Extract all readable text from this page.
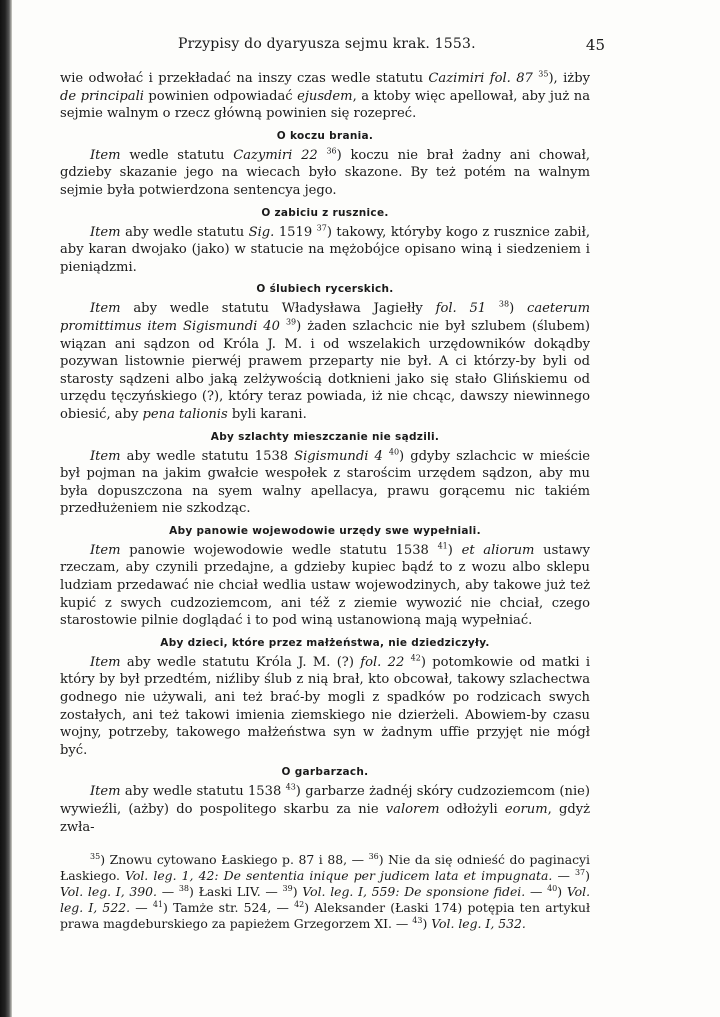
Przypisy do dyaryusza sejmu krak. 1553.	45

wie odwołać i przekładać na inszy czas wedle statutu Cazimiri fol. 87 $^{35}$), iżby de principali powinien odpowiadać ejusdem, a ktoby więc apellował, aby już na sejmie walnym o rzecz główną powinien się rozepreć.

O koczu brania.

Item wedle statutu Cazymiri 22 $^{36}$) koczu nie brał żadny ani chował, gdzieby skazanie jego na wiecach było skazone. By też potém na walnym sejmie była potwierdzona sentencya jego.

O zabiciu z rusznice.

Item aby wedle statutu Sig. 1519 $^{37}$) takowy, któryby kogo z rusznice zabił, aby karan dwojako (jako) w statucie na mężobójce opisano winą i siedzeniem i pieniądzmi.

O ślubiech rycerskich.

Item aby wedle statutu Władysława Jagiełły fol. 51 $^{38}$) caeterum promittimus item Sigismundi 40 $^{39}$) żaden szlachcic nie był szlubem (ślubem) wiązan ani sądzon od Króla J. M. i od wszelakich urzędowników dokądby pozywan listownie pierwéj prawem przeparty nie był. A ci którzy-by byli od starosty sądzeni albo jaką zelżywością dotknieni jako się stało Glińskiemu od urzędu tęczyńskiego (?), który teraz powiada, iż nie chcąc, dawszy niewinnego obiesić, aby pena talionis byli karani.

Aby szlachty mieszczanie nie sądzili.

Item aby wedle statutu 1538 Sigismundi 4 $^{40}$) gdyby szlachcic w mieście był pojman na jakim gwałcie wespołek z starościm urzędem sądzon, aby mu była dopuszczona na syem walny apellacya, prawu gorącemu nic takiém przedłużeniem nie szkodząc.

Aby panowie wojewodowie urzędy swe wypełniali.

Item panowie wojewodowie wedle statutu 1538 $^{41}$) et aliorum ustawy rzeczam, aby czynili przedajne, a gdzieby kupiec bądź to z wozu albo sklepu ludziam przedawać nie chciał wedlia ustaw wojewodzinych, aby takowe już też kupić z swych cudzoziemcom, ani též z ziemie wywozić nie chciał, czego starostowie pilnie doglądać i to pod winą ustanowioną mają wypełniać.

Aby dzieci, które przez małżeństwa, nie dziedziczyły.

Item aby wedle statutu Króla J. M. (?) fol. 22 $^{42}$) potomkowie od matki i który by był przedtém, niźliby ślub z nią brał, kto obcował, takowy szlachectwa godnego nie używali, ani też brać-by mogli z spadków po rodzicach swych zostałych, ani też takowi imienia ziemskiego nie dzierżeli. Abowiem-by czasu wojny, potrzeby, takowego małżeństwa syn w żadnym uffie przyjęt nie mógł być.

O garbarzach.

Item aby wedle statutu 1538 $^{43}$) garbarze żadnéj skóry cudzoziemcom (nie) wywieźli, (ażby) do pospolitego skarbu za nie valorem odłożyli eorum, gdyż zwła-

$^{35}$) Znowu cytowano Łaskiego p. 87 i 88, — $^{36}$) Nie da się odnieść do paginacyi Łaskiego. Vol. leg. 1, 42: De sententia inique per judicem lata et impugnata. — $^{37}$) Vol. leg. I, 390. — $^{38}$) Łaski LIV. — $^{39}$) Vol. leg. I, 559: De sponsione fidei. — $^{40}$) Vol. leg. I, 522. — $^{41}$) Tamże str. 524, — $^{42}$) Aleksander (Łaski 174) potępia ten artykuł prawa magdeburskiego za papieżem Grzegorzem XI. — $^{43}$) Vol. leg. I, 532.
